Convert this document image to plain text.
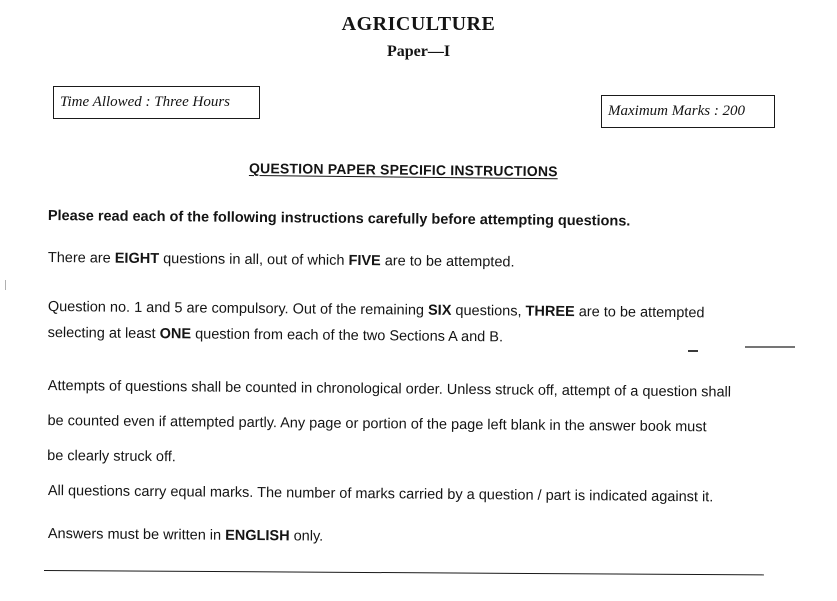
AGRICULTURE
Paper—I
Time Allowed : Three Hours
Maximum Marks : 200
QUESTION PAPER SPECIFIC INSTRUCTIONS
Please read each of the following instructions carefully before attempting questions.
There are EIGHT questions in all, out of which FIVE are to be attempted.
Question no. 1 and 5 are compulsory. Out of the remaining SIX questions, THREE are to be attempted
selecting at least ONE question from each of the two Sections A and B.
Attempts of questions shall be counted in chronological order. Unless struck off, attempt of a question shall
be counted even if attempted partly. Any page or portion of the page left blank in the answer book must
be clearly struck off.
All questions carry equal marks. The number of marks carried by a question / part is indicated against it.
Answers must be written in ENGLISH only.
